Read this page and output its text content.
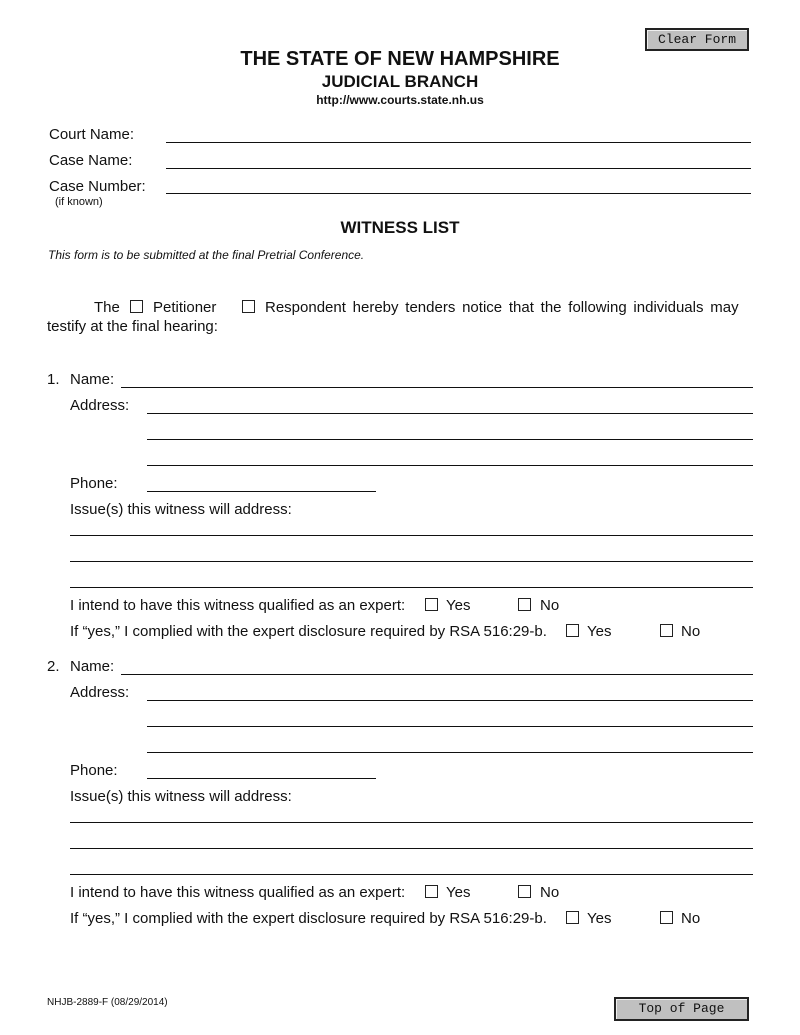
Clear Form
THE STATE OF NEW HAMPSHIRE
JUDICIAL BRANCH
http://www.courts.state.nh.us
Court Name:
Case Name:
Case Number:
(if known)
WITNESS LIST
This form is to be submitted at the final Pretrial Conference.
The Petitioner	Respondent hereby tenders notice that the following individuals may
testify at the final hearing:
1. Name:
Address:
Phone:
Issue(s) this witness will address:
I intend to have this witness qualified as an expert:	Yes	No
If “yes,” I complied with the expert disclosure required by RSA 516:29-b.	Yes	No
2. Name:
Address:
Phone:
Issue(s) this witness will address:
I intend to have this witness qualified as an expert:	Yes	No
If “yes,” I complied with the expert disclosure required by RSA 516:29-b.	Yes	No
NHJB-2889-F (08/29/2014)	Top of Page
